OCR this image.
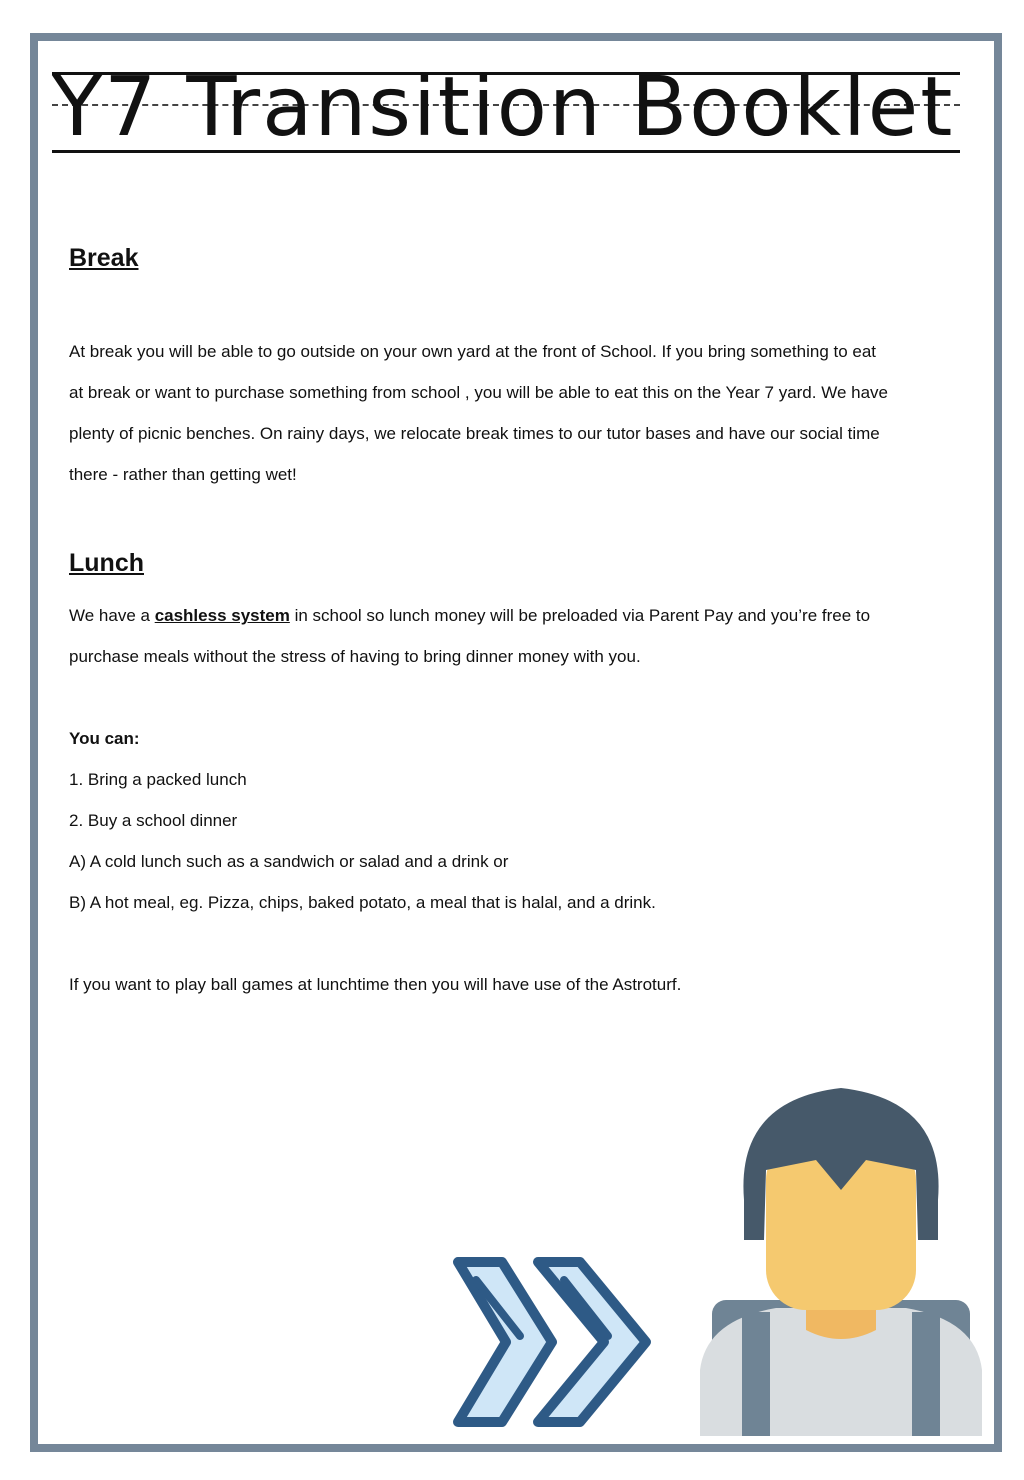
Y7 Transition Booklet
Break

At break you will be able to go outside on your own yard at the front of School. If you bring something to eat

at break or want to purchase something from school , you will be able to eat this on the Year 7 yard. We have

plenty of picnic benches. On rainy days, we relocate break times to our tutor bases and have our social time

there - rather than getting wet!

Lunch

We have a cashless system in school so lunch money will be preloaded via Parent Pay and you’re free to

purchase meals without the stress of having to bring dinner money with you.

You can:

1. Bring a packed lunch

2. Buy a school dinner

A) A cold lunch such as a sandwich or salad and a drink or

B) A hot meal, eg. Pizza, chips, baked potato, a meal that is halal, and a drink.

If you want to play ball games at lunchtime then you will have use of the Astroturf.
